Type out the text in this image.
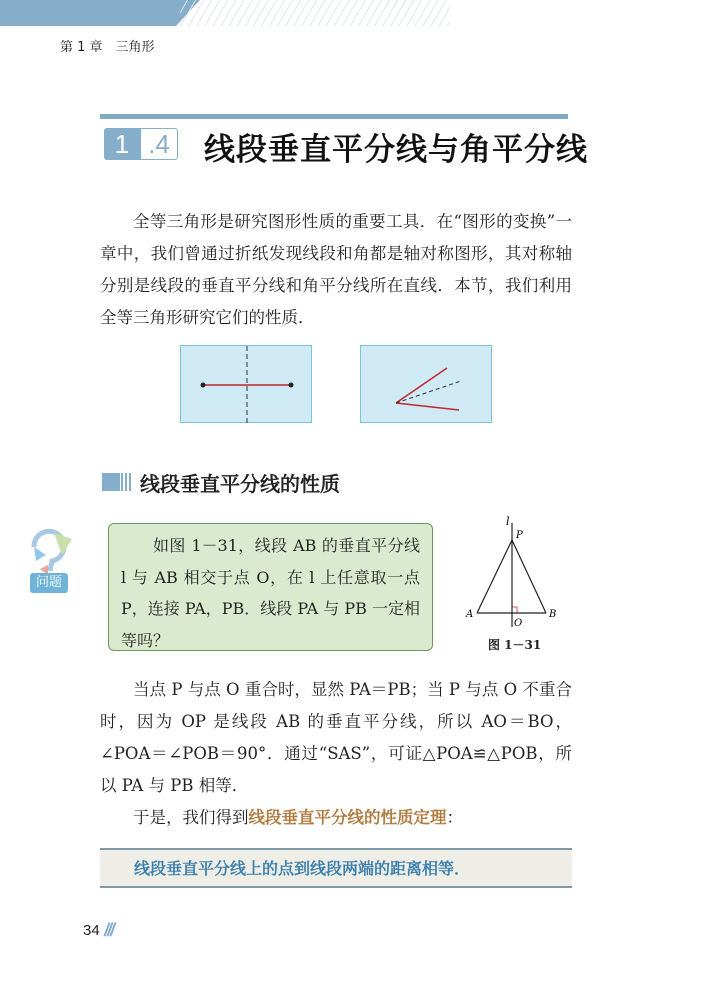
第 1 章　三角形
1 .4 线段垂直平分线与角平分线

全等三角形是研究图形性质的重要工具．在“图形的变换”一章中，我们曾通过折纸发现线段和角都是轴对称图形，其对称轴分别是线段的垂直平分线和角平分线所在直线．本节，我们利用全等三角形研究它们的性质．

线段垂直平分线的性质
问题

如图 1－31，线段 AB 的垂直平分线 l 与 AB 相交于点 O，在 l 上任意取一点 P，连接 PA，PB．线段 PA 与 PB 一定相等吗？

l
P
A	B
O
图 1－31

当点 P 与点 O 重合时，显然 PA＝PB；当 P 与点 O 不重合时，因为 OP 是线段 AB 的垂直平分线，所以 AO＝BO，∠POA＝∠POB＝90°．通过“SAS”，可证△POA≌△POB，所以 PA 与 PB 相等．

于是，我们得到线段垂直平分线的性质定理：

线段垂直平分线上的点到线段两端的距离相等．
34 ///
